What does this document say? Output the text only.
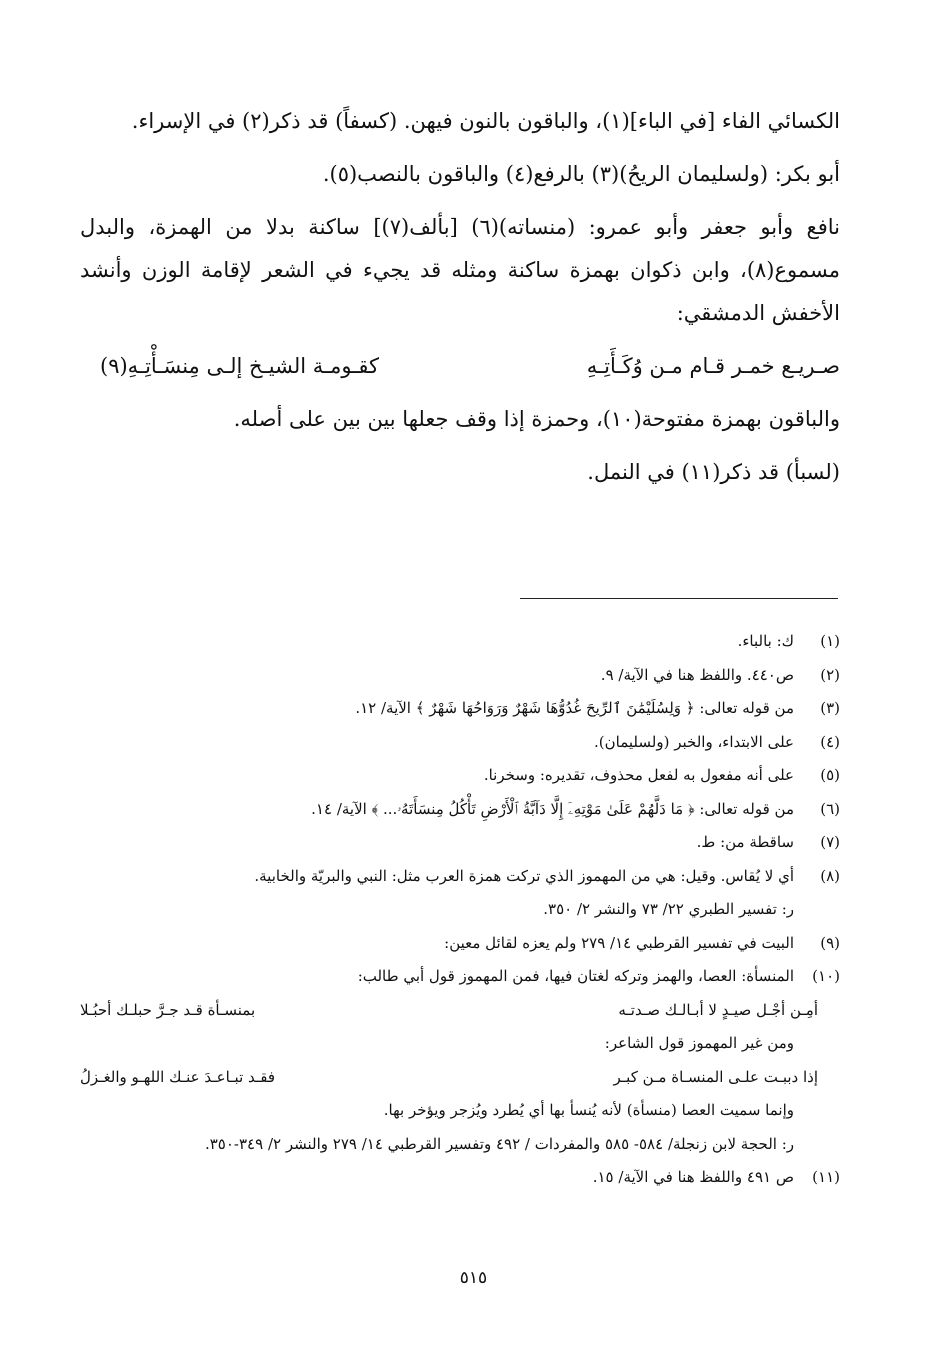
الكسائي الفاء [في الباء](١)، والباقون بالنون فيهن. (كسفاً) قد ذكر(٢) في الإسراء.

أبو بكر: (ولسليمان الريحُ)(٣) بالرفع(٤) والباقون بالنصب(٥).

نافع وأبو جعفر وأبو عمرو: (منساته)(٦) [بألف(٧)] ساكنة بدلا من الهمزة، والبدل مسموع(٨)، وابن ذكوان بهمزة ساكنة ومثله قد يجيء في الشعر لإقامة الوزن وأنشد الأخفش الدمشقي:

صـريـع خمـر قـام مـن وُكَـأَتِـهِ
كقـومـة الشيـخ إلـى مِنسَـأْتِـهِ(٩)

والباقون بهمزة مفتوحة(١٠)، وحمزة إذا وقف جعلها بين بين على أصله.

(لسبأ) قد ذكر(١١) في النمل.

(١)
ك: بالباء.
(٢)
ص٤٤٠. واللفظ هنا في الآية/ ٩.
(٣)
من قوله تعالى: ﴿ وَلِسُلَيْمَٰنَ ٱلرِّيحَ غُدُوُّهَا شَهْرٌ وَرَوَاحُهَا شَهْرٌ ﴾ الآية/ ١٢.
(٤)
على الابتداء، والخبر (ولسليمان).
(٥)
على أنه مفعول به لفعل محذوف، تقديره: وسخرنا.
(٦)
من قوله تعالى: ﴿ مَا دَلَّهُمْ عَلَىٰ مَوْتِهِۦٓ إِلَّا دَآبَّةُ ٱلْأَرْضِ تَأْكُلُ مِنسَأَتَهُۥ... ﴾ الآية/ ١٤.
(٧)
ساقطة من: ط.
(٨)
أي لا يُقاس. وقيل: هي من المهموز الذي تركت همزة العرب مثل: النبي والبريّة والخابية.
ر: تفسير الطبري ٢٢/ ٧٣ والنشر ٢/ ٣٥٠.
(٩)
البيت في تفسير القرطبي ١٤/ ٢٧٩ ولم يعزه لقائل معين:
(١٠)
المنسأة: العصا، والهمز وتركه لغتان فيها، فمن المهموز قول أبي طالب:
أمِـن أجْـل صيـدٍ لا أبـالـك صـدتـه
بمنسـأة قـد جـرَّ حبلـك أحبُـلا
ومن غير المهموز قول الشاعر:
إذا دببـت علـى المنسـاة مـن كبـر
فقـد تبـاعـدَ عنـك اللهـو والغـزلُ
وإنما سميت العصا (منسأة) لأنه يُنسأ بها أي يُطرد ويُزجر ويؤخر بها.
ر: الحجة لابن زنجلة/ ٥٨٤- ٥٨٥ والمفردات / ٤٩٢ وتفسير القرطبي ١٤/ ٢٧٩ والنشر ٢/ ٣٤٩-٣٥٠.
(١١)
ص ٤٩١ واللفظ هنا في الآية/ ١٥.
٥١٥
